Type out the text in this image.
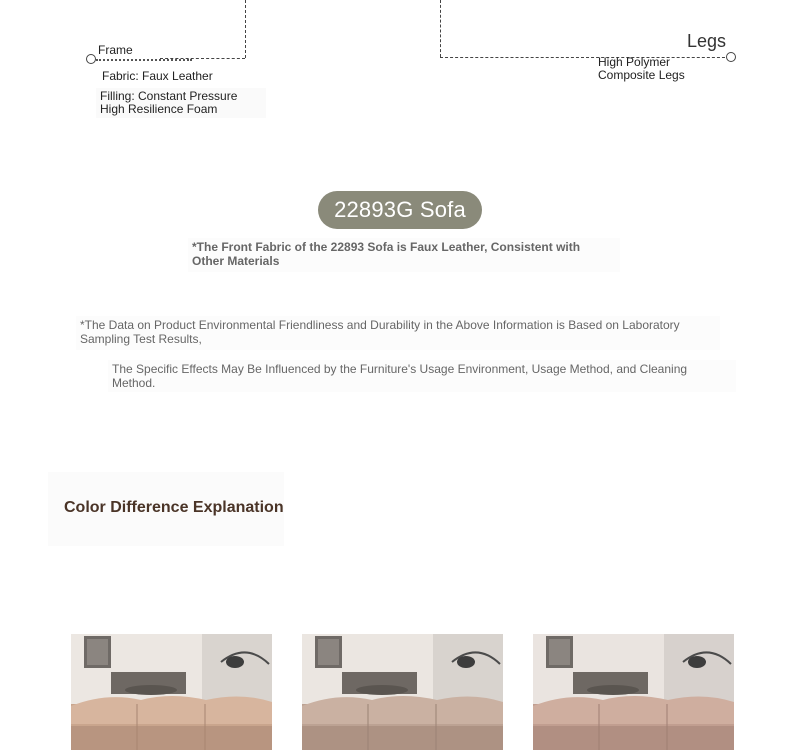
Frame
Fabric: Faux Leather
Filling: Constant Pressure
High Resilience Foam
Legs
High Polymer
Composite Legs
22893G Sofa
*The Front Fabric of the 22893 Sofa is Faux Leather, Consistent with
Other Materials
*The Data on Product Environmental Friendliness and Durability in the Above Information is Based on Laboratory
Sampling Test Results,
The Specific Effects May Be Influenced by the Furniture's Usage Environment, Usage Method, and Cleaning Method.
Color Difference Explanation
